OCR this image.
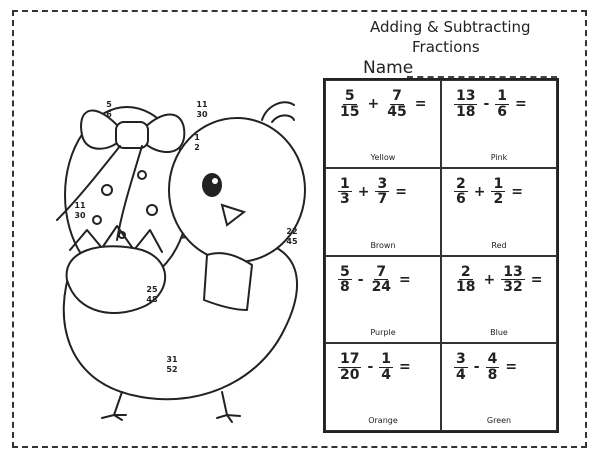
Adding & Subtracting
Fractions
Name
5
6
11
30
1
2
11
30
22
45
25
48
31
52
$\frac{5}{15} + \frac{7}{45}$ =
Yellow
$\frac{13}{18} - \frac{1}{6}$ =
Pink
$\frac{1}{3} + \frac{3}{7}$ =
Brown
$\frac{2}{6} + \frac{1}{2}$ =
Red
$\frac{5}{8} - \frac{7}{24}$ =
Purple
$\frac{2}{18} + \frac{13}{32}$ =
Blue
$\frac{17}{20} - \frac{1}{4}$ =
Orange
$\frac{3}{4} - \frac{4}{8}$ =
Green
